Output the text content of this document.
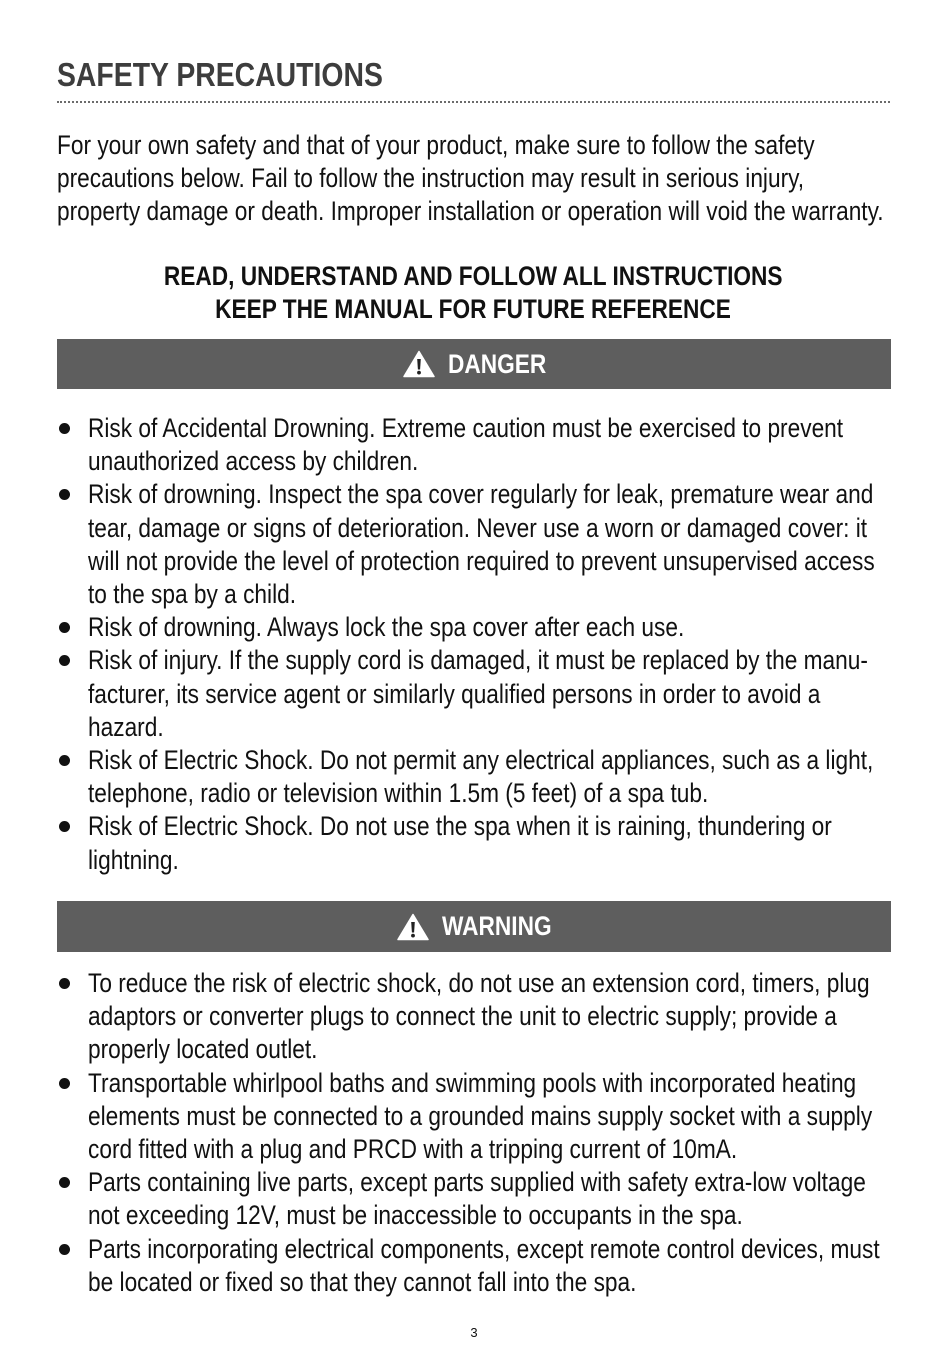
SAFETY PRECAUTIONS

For your own safety and that of your product, make sure to follow the safety
precautions below. Fail to follow the instruction may result in serious injury,
property damage or death. Improper installation or operation will void the warranty.

READ, UNDERSTAND AND FOLLOW ALL INSTRUCTIONS
KEEP THE MANUAL FOR FUTURE REFERENCE
DANGER
Risk of Accidental Drowning. Extreme caution must be exercised to prevent
unauthorized access by children.
Risk of drowning. Inspect the spa cover regularly for leak, premature wear and
tear, damage or signs of deterioration. Never use a worn or damaged cover: it
will not provide the level of protection required to prevent unsupervised access
to the spa by a child.
Risk of drowning. Always lock the spa cover after each use.
Risk of injury. If the supply cord is damaged, it must be replaced by the manu-
facturer, its service agent or similarly qualified persons in order to avoid a
hazard.
Risk of Electric Shock. Do not permit any electrical appliances, such as a light,
telephone, radio or television within 1.5m (5 feet) of a spa tub.
Risk of Electric Shock. Do not use the spa when it is raining, thundering or
lightning.
WARNING
To reduce the risk of electric shock, do not use an extension cord, timers, plug
adaptors or converter plugs to connect the unit to electric supply; provide a
properly located outlet.
Transportable whirlpool baths and swimming pools with incorporated heating
elements must be connected to a grounded mains supply socket with a supply
cord fitted with a plug and PRCD with a tripping current of 10mA.
Parts containing live parts, except parts supplied with safety extra-low voltage
not exceeding 12V, must be inaccessible to occupants in the spa.
Parts incorporating electrical components, except remote control devices, must
be located or fixed so that they cannot fall into the spa.
3
